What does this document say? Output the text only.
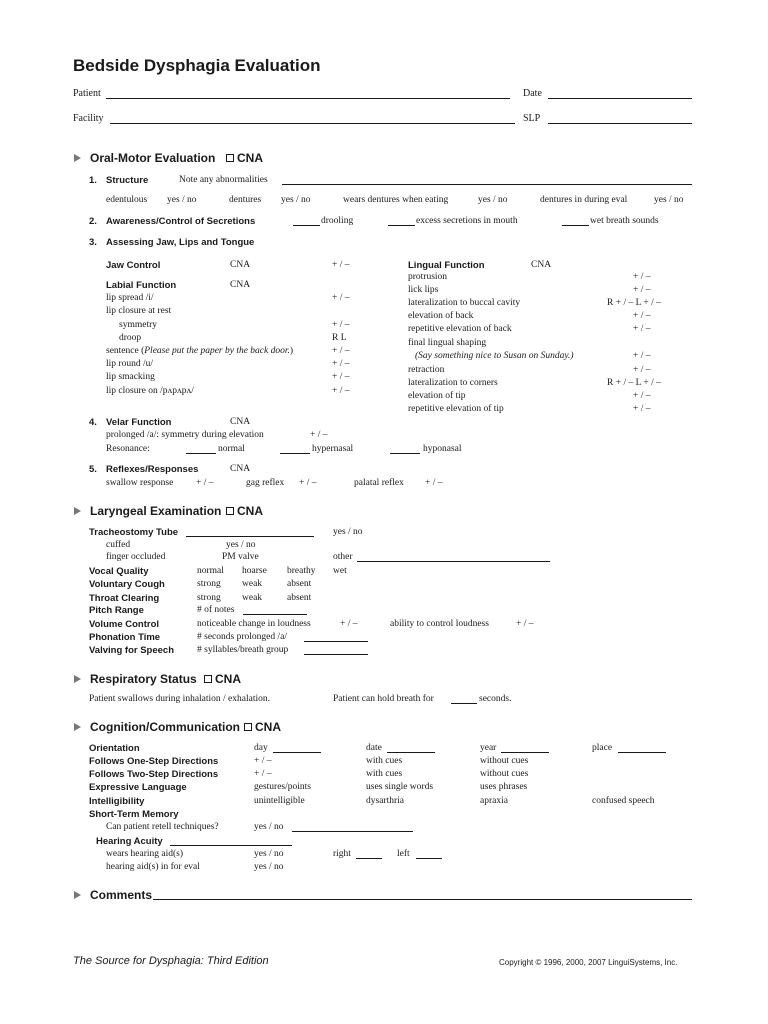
Bedside Dysphagia Evaluation
Patient	Date
Facility	SLP
Oral-Motor Evaluation	CNA
1. Structure	Note any abnormalities
edentulous yes / no	dentures yes / no	wears dentures when eating	yes / no	dentures in during eval	yes / no
2. Awareness/Control of Secretions	drooling	excess secretions in mouth	wet breath sounds
3. Assessing Jaw, Lips and Tongue
Jaw Control	CNA	+ / –
Labial Function	CNA
lip spread /i/	+ / –
lip closure at rest
symmetry	+ / –
droop	R L
sentence (Please put the paper by the back door.)	+ / –
lip round /u/	+ / –
lip smacking	+ / –
lip closure on /pʌpʌpʌ/	+ / –
Lingual Function	CNA
protrusion	+ / –
lick lips	+ / –
lateralization to buccal cavity	R + / – L + / –
elevation of back	+ / –
repetitive elevation of back	+ / –
final lingual shaping
(Say something nice to Susan on Sunday.)	+ / –
retraction	+ / –
lateralization to corners	R + / – L + / –
elevation of tip	+ / –
repetitive elevation of tip	+ / –
4. Velar Function	CNA
prolonged /a/: symmetry during elevation	+ / –
Resonance:	normal	hypernasal	hyponasal
5. Reflexes/Responses	CNA
swallow response + / –	gag reflex + / –	palatal reflex + / –
Laryngeal Examination	CNA
Tracheostomy Tube	yes / no
cuffed	yes / no
finger occluded	PM valve	other
Vocal Quality	normal hoarse breathy wet
Voluntary Cough	strong weak	absent
Throat Clearing	strong weak	absent
Pitch Range	# of notes
Volume Control	noticeable change in loudness	+ / –	ability to control loudness	+ / –
Phonation Time	# seconds prolonged /a/
Valving for Speech # syllables/breath group
Respiratory Status	CNA
Patient swallows during inhalation / exhalation.	Patient can hold breath for	seconds.
Cognition/Communication	CNA
Orientation	day	date	year	place
Follows One-Step Directions	+ / –	with cues	without cues
Follows Two-Step Directions	+ / –	with cues	without cues
Expressive Language	gestures/points	uses single words	uses phrases
Intelligibility	unintelligible	dysarthria	apraxia	confused speech
Short-Term Memory
Can patient retell techniques?	yes / no
Hearing Acuity
wears hearing aid(s)	yes / no	right	left
hearing aid(s) in for eval	yes / no
Comments
The Source for Dysphagia: Third Edition	Copyright © 1996, 2000, 2007 LinguiSystems, Inc.
